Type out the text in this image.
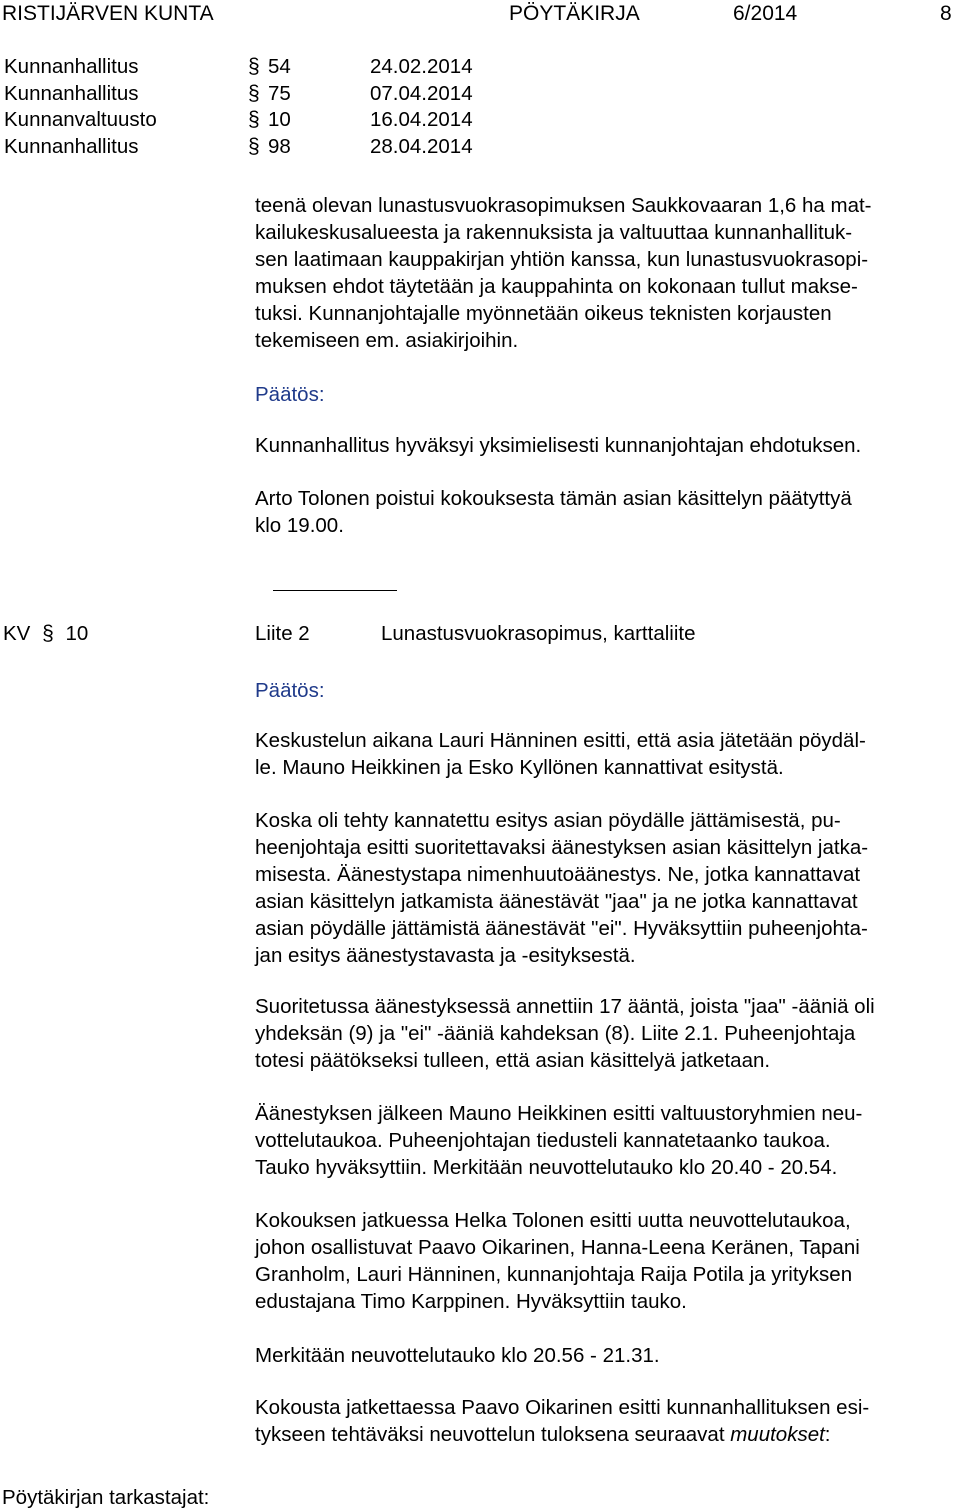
RISTIJÄRVEN KUNTA	PÖYTÄKIRJA	6/2014	8
Kunnanhallitus	§ 54	24.02.2014
Kunnanhallitus	§ 75	07.04.2014
Kunnanvaltuusto	§ 10	16.04.2014
Kunnanhallitus	§ 98	28.04.2014
teenä olevan lunastusvuokrasopimuksen Saukkovaaran 1,6 ha mat-
kailukeskusalueesta ja rakennuksista ja valtuuttaa kunnanhallituk-
sen laatimaan kauppakirjan yhtiön kanssa, kun lunastusvuokrasopi-
muksen ehdot täytetään ja kauppahinta on kokonaan tullut makse-
tuksi. Kunnanjohtajalle myönnetään oikeus teknisten korjausten
tekemiseen em. asiakirjoihin.
Päätös:
Kunnanhallitus hyväksyi yksimielisesti kunnanjohtajan ehdotuksen.
Arto Tolonen poistui kokouksesta tämän asian käsittelyn päätyttyä
klo 19.00.
KV § 10	Liite 2	Lunastusvuokrasopimus, karttaliite
Päätös:
Keskustelun aikana Lauri Hänninen esitti, että asia jätetään pöydäl-
le. Mauno Heikkinen ja Esko Kyllönen kannattivat esitystä.
Koska oli tehty kannatettu esitys asian pöydälle jättämisestä, pu-
heenjohtaja esitti suoritettavaksi äänestyksen asian käsittelyn jatka-
misesta. Äänestystapa nimenhuutoäänestys. Ne, jotka kannattavat
asian käsittelyn jatkamista äänestävät "jaa" ja ne jotka kannattavat
asian pöydälle jättämistä äänestävät "ei". Hyväksyttiin puheenjohta-
jan esitys äänestystavasta ja -esityksestä.
Suoritetussa äänestyksessä annettiin 17 ääntä, joista "jaa" -ääniä oli
yhdeksän (9) ja "ei" -ääniä kahdeksan (8). Liite 2.1. Puheenjohtaja
totesi päätökseksi tulleen, että asian käsittelyä jatketaan.
Äänestyksen jälkeen Mauno Heikkinen esitti valtuustoryhmien neu-
vottelutaukoa. Puheenjohtajan tiedusteli kannatetaanko taukoa.
Tauko hyväksyttiin. Merkitään neuvottelutauko klo 20.40 - 20.54.
Kokouksen jatkuessa Helka Tolonen esitti uutta neuvottelutaukoa,
johon osallistuvat Paavo Oikarinen, Hanna-Leena Keränen, Tapani
Granholm, Lauri Hänninen, kunnanjohtaja Raija Potila ja yrityksen
edustajana Timo Karppinen. Hyväksyttiin tauko.
Merkitään neuvottelutauko klo 20.56 - 21.31.
Kokousta jatkettaessa Paavo Oikarinen esitti kunnanhallituksen esi-
tykseen tehtäväksi neuvottelun tuloksena seuraavat muutokset:
Pöytäkirjan tarkastajat:
